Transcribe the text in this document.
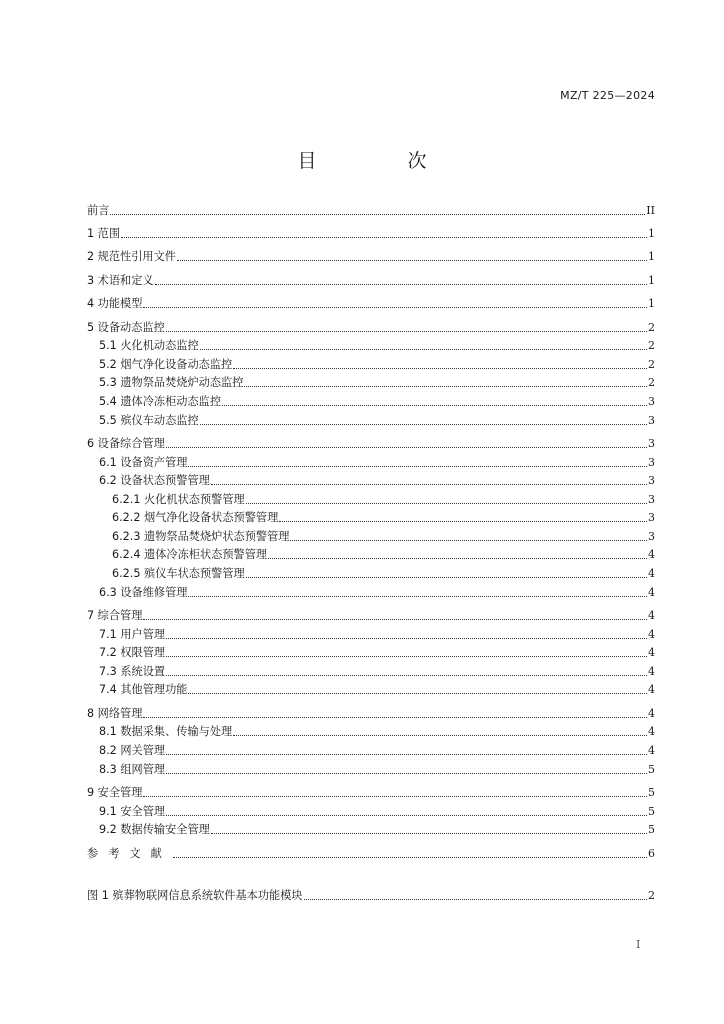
MZ/T 225—2024
目　次
前言	II
1 范围	1
2 规范性引用文件	1
3 术语和定义	1
4 功能模型	1
5 设备动态监控	2
5.1 火化机动态监控	2
5.2 烟气净化设备动态监控	2
5.3 遗物祭品焚烧炉动态监控	2
5.4 遗体冷冻柜动态监控	3
5.5 殡仪车动态监控	3
6 设备综合管理	3
6.1 设备资产管理	3
6.2 设备状态预警管理	3
6.2.1 火化机状态预警管理	3
6.2.2 烟气净化设备状态预警管理	3
6.2.3 遗物祭品焚烧炉状态预警管理	3
6.2.4 遗体冷冻柜状态预警管理	4
6.2.5 殡仪车状态预警管理	4
6.3 设备维修管理	4
7 综合管理	4
7.1 用户管理	4
7.2 权限管理	4
7.3 系统设置	4
7.4 其他管理功能	4
8 网络管理	4
8.1 数据采集、传输与处理	4
8.2 网关管理	4
8.3 组网管理	5
9 安全管理	5
9.1 安全管理	5
9.2 数据传输安全管理	5
参考文献	6
图 1 殡葬物联网信息系统软件基本功能模块	2
I
